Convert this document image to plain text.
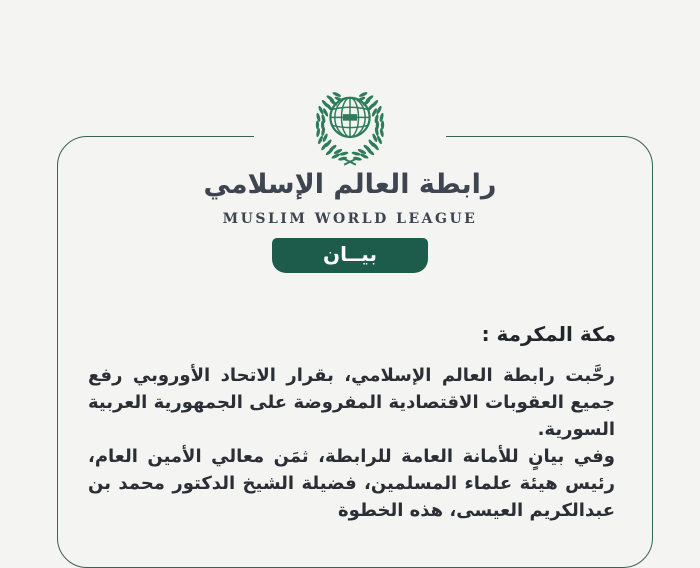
رابطة العالم الإسلامي
MUSLIM WORLD LEAGUE
بيــان
مكة المكرمة :
رحَّبت رابطة العالم الإسلامي، بقرار الاتحاد الأوروبي رفع جميع العقوبات الاقتصادية المفروضة على الجمهورية العربية السورية.
وفي بيانٍ للأمانة العامة للرابطة، ثمَن معالي الأمين العام، رئيس هيئة علماء المسلمين، فضيلة الشيخ الدكتور محمد بن عبدالكريم العيسى، هذه الخطوة
